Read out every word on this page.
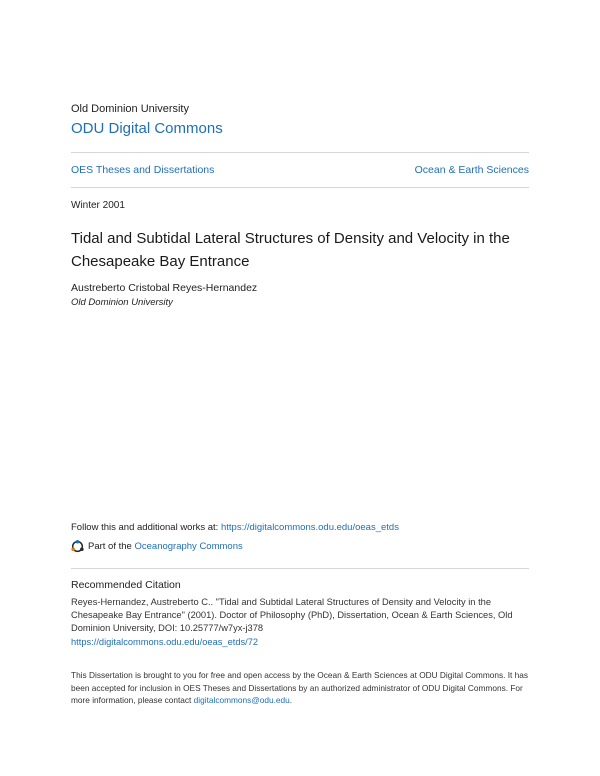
Old Dominion University
ODU Digital Commons
OES Theses and Dissertations	Ocean & Earth Sciences
Winter 2001
Tidal and Subtidal Lateral Structures of Density and Velocity in the Chesapeake Bay Entrance
Austreberto Cristobal Reyes-Hernandez
Old Dominion University
Follow this and additional works at: https://digitalcommons.odu.edu/oeas_etds
Part of the
Oceanography Commons
Recommended Citation
Reyes-Hernandez, Austreberto C.. "Tidal and Subtidal Lateral Structures of Density and Velocity in the Chesapeake Bay Entrance" (2001). Doctor of Philosophy (PhD), Dissertation, Ocean & Earth Sciences, Old Dominion University, DOI: 10.25777/w7yx-j378
https://digitalcommons.odu.edu/oeas_etds/72
This Dissertation is brought to you for free and open access by the Ocean & Earth Sciences at ODU Digital Commons. It has been accepted for inclusion in OES Theses and Dissertations by an authorized administrator of ODU Digital Commons. For more information, please contact digitalcommons@odu.edu.
